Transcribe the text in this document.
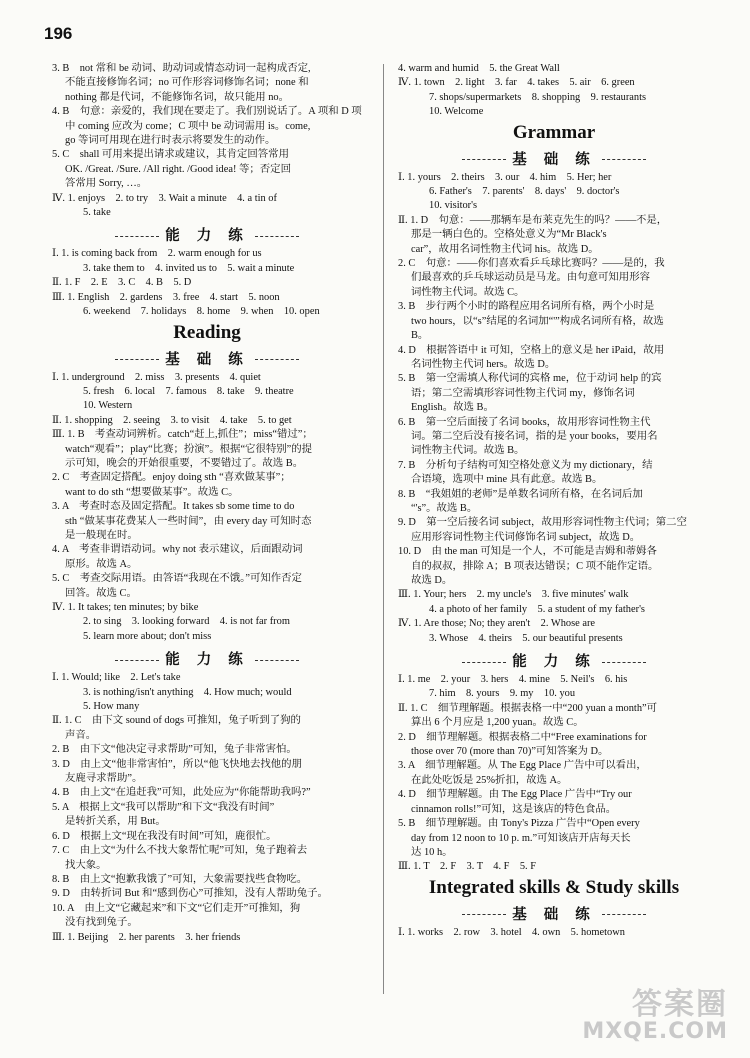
196
3. B　not 常和 be 动词、助动词或情态动词一起构成否定,
不能直接修饰名词；no 可作形容词修饰名词；none 和
nothing 都是代词，不能修饰名词，故只能用 no。
4. B　句意：亲爱的，我们现在要走了。我们别说话了。A 项和 D 项
中 coming 应改为 come；C 项中 be 动词需用 is。come,
go 等词可用现在进行时表示将要发生的动作。
5. C　shall 可用来提出请求或建议，其肯定回答常用
OK. /Great. /Sure. /All right. /Good idea! 等；否定回
答常用 Sorry, …。
Ⅳ. 1. enjoys　2. to try　3. Wait a minute　4. a tin of
5. take
能 力 练
Ⅰ. 1. is coming back from　2. warm enough for us
3. take them to　4. invited us to　5. wait a minute
Ⅱ. 1. F　2. E　3. C　4. B　5. D
Ⅲ. 1. English　2. gardens　3. free　4. start　5. noon
6. weekend　7. holidays　8. home　9. when　10. open
Reading
基 础 练
Ⅰ. 1. underground　2. miss　3. presents　4. quiet
5. fresh　6. local　7. famous　8. take　9. theatre
10. Western
Ⅱ. 1. shopping　2. seeing　3. to visit　4. take　5. to get
Ⅲ. 1. B　考查动词辨析。catch“赶上,抓住”；miss“错过”；
watch“观看”；play“比赛；扮演”。根据“它很特别”的提
示可知，晚会的开始很重要，不要错过了。故选 B。
2. C　考查固定搭配。enjoy doing sth “喜欢做某事”；
want to do sth “想要做某事”。故选 C。
3. A　考查时态及固定搭配。It takes sb some time to do
sth “做某事花费某人一些时间”，由 every day 可知时态
是一般现在时。
4. A　考查非谓语动词。why not 表示建议，后面跟动词
原形。故选 A。
5. C　考查交际用语。由答语“我现在不饿。”可知作否定
回答。故选 C。
Ⅳ. 1. It takes; ten minutes; by bike
2. to sing　3. looking forward　4. is not far from
5. learn more about; don't miss
能 力 练
Ⅰ. 1. Would; like　2. Let's take
3. is nothing/isn't anything　4. How much; would
5. How many
Ⅱ. 1. C　由下文 sound of dogs 可推知，兔子听到了狗的
声音。
2. B　由下文“他决定寻求帮助”可知，兔子非常害怕。
3. D　由上文“他非常害怕”，所以“他飞快地去找他的朋
友鹿寻求帮助”。
4. B　由上文“在追赶我”可知，此处应为“你能帮助我吗?”
5. A　根据上文“我可以帮助”和下文“我没有时间”
是转折关系，用 But。
6. D　根据上文“现在我没有时间”可知，鹿很忙。
7. C　由上文“为什么不找大象帮忙呢”可知，兔子跑着去
找大象。
8. B　由上文“抱歉我饿了”可知，大象需要找些食物吃。
9. D　由转折词 But 和“感到伤心”可推知，没有人帮助兔子。
10. A　由上文“它藏起来”和下文“它们走开”可推知，狗
没有找到兔子。
Ⅲ. 1. Beijing　2. her parents　3. her friends
4. warm and humid　5. the Great Wall
Ⅳ. 1. town　2. light　3. far　4. takes　5. air　6. green
7. shops/supermarkets　8. shopping　9. restaurants
10. Welcome
Grammar
基 础 练
Ⅰ. 1. yours　2. theirs　3. our　4. him　5. Her; her
6. Father's　7. parents'　8. days'　9. doctor's
10. visitor's
Ⅱ. 1. D　句意：——那辆车是布莱克先生的吗？——不是，
那是一辆白色的。空格处意义为“Mr Black's
car”，故用名词性物主代词 his。故选 D。
2. C　句意：——你们喜欢看乒乓球比赛吗？——是的，我
们最喜欢的乒乓球运动员是马龙。由句意可知用形容
词性物主代词。故选 C。
3. B　步行两个小时的路程应用名词所有格，两个小时是
two hours，以“s”结尾的名词加“'”构成名词所有格，故选
B。
4. D　根据答语中 it 可知，空格上的意义是 her iPaid，故用
名词性物主代词 hers。故选 D。
5. B　第一空需填人称代词的宾格 me，位于动词 help 的宾
语；第二空需填形容词性物主代词 my，修饰名词
English。故选 B。
6. B　第一空后面接了名词 books，故用形容词性物主代
词。第二空后没有接名词，指的是 your books，要用名
词性物主代词。故选 B。
7. B　分析句子结构可知空格处意义为 my dictionary，结
合语境，选项中 mine 具有此意。故选 B。
8. B　“我姐姐的老师”是单数名词所有格，在名词后加
“'s”。故选 B。
9. D　第一空后接名词 subject，故用形容词性物主代词；第二空
应用形容词性物主代词修饰名词 subject，故选 D。
10. D　由 the man 可知是一个人，不可能是吉姆和蒂姆各
自的叔叔，排除 A；B 项表达错误；C 项不能作定语。
故选 D。
Ⅲ. 1. Your; hers　2. my uncle's　3. five minutes' walk
4. a photo of her family　5. a student of my father's
Ⅳ. 1. Are those; No; they aren't　2. Whose are
3. Whose　4. theirs　5. our beautiful presents
能 力 练
Ⅰ. 1. me　2. your　3. hers　4. mine　5. Neil's　6. his
7. him　8. yours　9. my　10. you
Ⅱ. 1. C　细节理解题。根据表格一中“200 yuan a month”可
算出 6 个月应是 1,200 yuan。故选 C。
2. D　细节理解题。根据表格二中“Free examinations for
those over 70 (more than 70)”可知答案为 D。
3. A　细节理解题。从 The Egg Place 广告中可以看出，
在此处吃饭是 25%折扣，故选 A。
4. D　细节理解题。由 The Egg Place 广告中“Try our
cinnamon rolls!”可知，这是该店的特色食品。
5. B　细节理解题。由 Tony's Pizza 广告中“Open every
day from 12 noon to 10 p. m.”可知该店开店每天长
达 10 h。
Ⅲ. 1. T　2. F　3. T　4. F　5. F
Integrated skills & Study skills
基 础 练
Ⅰ. 1. works　2. row　3. hotel　4. own　5. hometown
答案圈
MXQE.COM
